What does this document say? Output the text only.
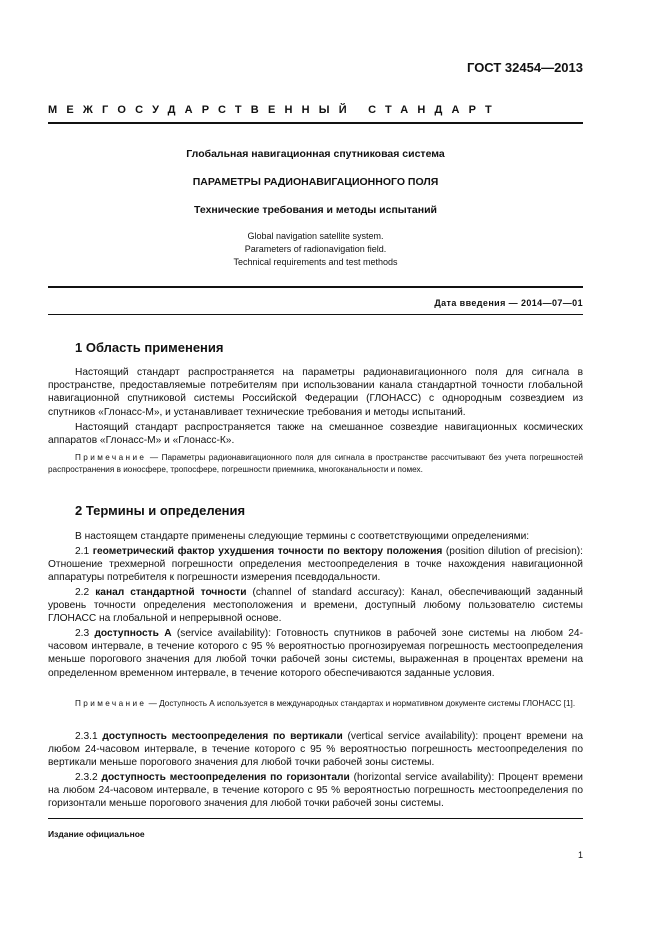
ГОСТ 32454—2013
МЕЖГОСУДАРСТВЕННЫЙ СТАНДАРТ
Глобальная навигационная спутниковая система
ПАРАМЕТРЫ РАДИОНАВИГАЦИОННОГО ПОЛЯ
Технические требования и методы испытаний
Global navigation satellite system.
Parameters of radionavigation field.
Technical requirements and test methods
Дата введения — 2014—07—01
1 Область применения

Настоящий стандарт распространяется на параметры радионавигационного поля для сигнала в пространстве, предоставляемые потребителям при использовании канала стандартной точности глобальной навигационной спутниковой системы Российской Федерации (ГЛОНАСС) с однородным созвездием из спутников «Глонасс-М», и устанавливает технические требования и методы испытаний.

Настоящий стандарт распространяется также на смешанное созвездие навигационных космических аппаратов «Глонасс-М» и «Глонасс-К».

Примечание — Параметры радионавигационного поля для сигнала в пространстве рассчитывают без учета погрешностей распространения в ионосфере, тропосфере, погрешности приемника, многоканальности и помех.

2 Термины и определения

В настоящем стандарте применены следующие термины с соответствующими определениями:

2.1 геометрический фактор ухудшения точности по вектору положения (position dilution of precision): Отношение трехмерной погрешности определения местоопределения в точке нахождения навигационной аппаратуры потребителя к погрешности измерения псевдодальности.

2.2 канал стандартной точности (channel of standard accuracy): Канал, обеспечивающий заданный уровень точности определения местоположения и времени, доступный любому пользователю системы ГЛОНАСС на глобальной и непрерывной основе.

2.3 доступность А (service availability): Готовность спутников в рабочей зоне системы на любом 24-часовом интервале, в течение которого с 95 % вероятностью прогнозируемая погрешность местоопределения меньше порогового значения для любой точки рабочей зоны системы, выраженная в процентах времени на определенном временном интервале, в течение которого обеспечиваются заданные условия.

Примечание — Доступность А используется в международных стандартах и нормативном документе системы ГЛОНАСС [1].

2.3.1 доступность местоопределения по вертикали (vertical service availability): процент времени на любом 24-часовом интервале, в течение которого с 95 % вероятностью погрешность местоопределения по вертикали меньше порогового значения для любой точки рабочей зоны системы.

2.3.2 доступность местоопределения по горизонтали (horizontal service availability): Процент времени на любом 24-часовом интервале, в течение которого с 95 % вероятностью погрешность местоопределения по горизонтали меньше порогового значения для любой точки рабочей зоны системы.

Издание официальное
1
